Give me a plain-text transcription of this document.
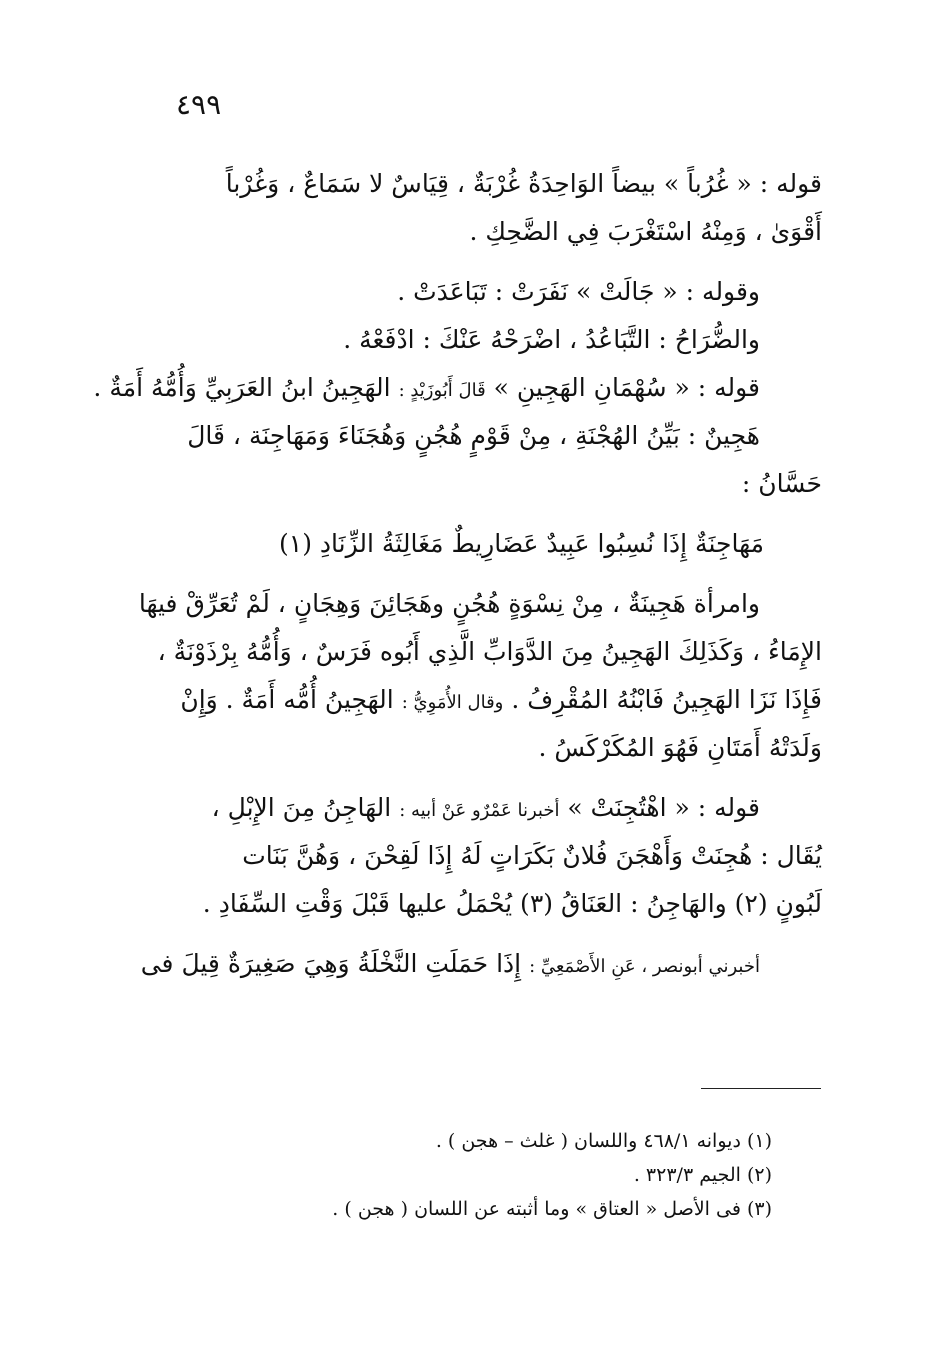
٤٩٩
قوله : « غُرُباً » بيضاً الوَاحِدَةُ غُرْبَةٌ ، قِيَاسٌ لا سَمَاعٌ ، وَغُرْباً
أَقْوَىٰ ، وَمِنْهُ اسْتَغْرَبَ فِي الضَّحِكِ .
وقوله : « جَالَتْ » نَفَرَتْ : تَبَاعَدَتْ .
والضُّرَاحُ : التَّبَاعُدُ ، اضْرَحْهُ عَنْكَ : ادْفَعْهُ .
قوله : « سُهْمَانِ الهَجِينِ » قَالَ أَبُوزَيْدٍ : الهَجِينُ ابنُ العَرَبِيِّ وَأُمُّهُ أَمَةٌ .
هَجِينٌ : بَيِّنُ الهُجْنَةِ ، مِنْ قَوْمٍ هُجُنٍ وَهُجَنَاءَ وَمَهَاجِنَة ، قَالَ
حَسَّانُ :
مَهَاجِنَةٌ إِذَا نُسِبُوا عَبِيدٌ عَضَارِيطٌ مَغَالِثَةُ الزِّنَادِ (١)
وامرأة هَجِينَةٌ ، مِنْ نِسْوَةٍ هُجُنٍ وهَجَائِنَ وَهِجَانٍ ، لَمْ تُعَرِّقْ فيهَا
الإِمَاءُ ، وَكَذَلِكَ الهَجِينُ مِنَ الدَّوَابِّ الَّذِي أَبُوه فَرَسٌ ، وَأُمُّهُ بِرْذَوْنَةٌ ،
فَإِذَا نَزَا الهَجِينُ فَابْنُهُ المُقْرِفُ . وقال الأُمَوِيُّ : الهَجِينُ أُمُّه أَمَةٌ . وَإِنْ
وَلَدَتْهُ أَمَتَانِ فَهُوَ المُكَرْكَسُ .
قوله : « اهْتُجِنَتْ » أخبرنا عَمْرٌو عَنْ أبيه : الهَاجِنُ مِنَ الإِبْلِ ،
يُقَال : هُجِنَتْ وَأَهْجَنَ فُلانٌ بَكَرَاتٍ لَهُ إِذَا لَقِحْنَ ، وَهُنَّ بَنَات
لَبُونٍ (٢) والهَاجِنُ : العَنَاقُ (٣) يُحْمَلُ عليها قَبْلَ وَقْتِ السِّفَادِ .
أخبرني أبونصر ، عَنِ الأَصْمَعِيِّ : إِذَا حَمَلَتِ النَّخْلَةُ وَهِيَ صَغِيرَةٌ قِيلَ فى
(١) ديوانه ٤٦٨/١ واللسان ( غلث – هجن ) .
(٢) الجيم ٣٢٣/٣ .
(٣) فى الأصل « العتاق » وما أثبته عن اللسان ( هجن ) .
